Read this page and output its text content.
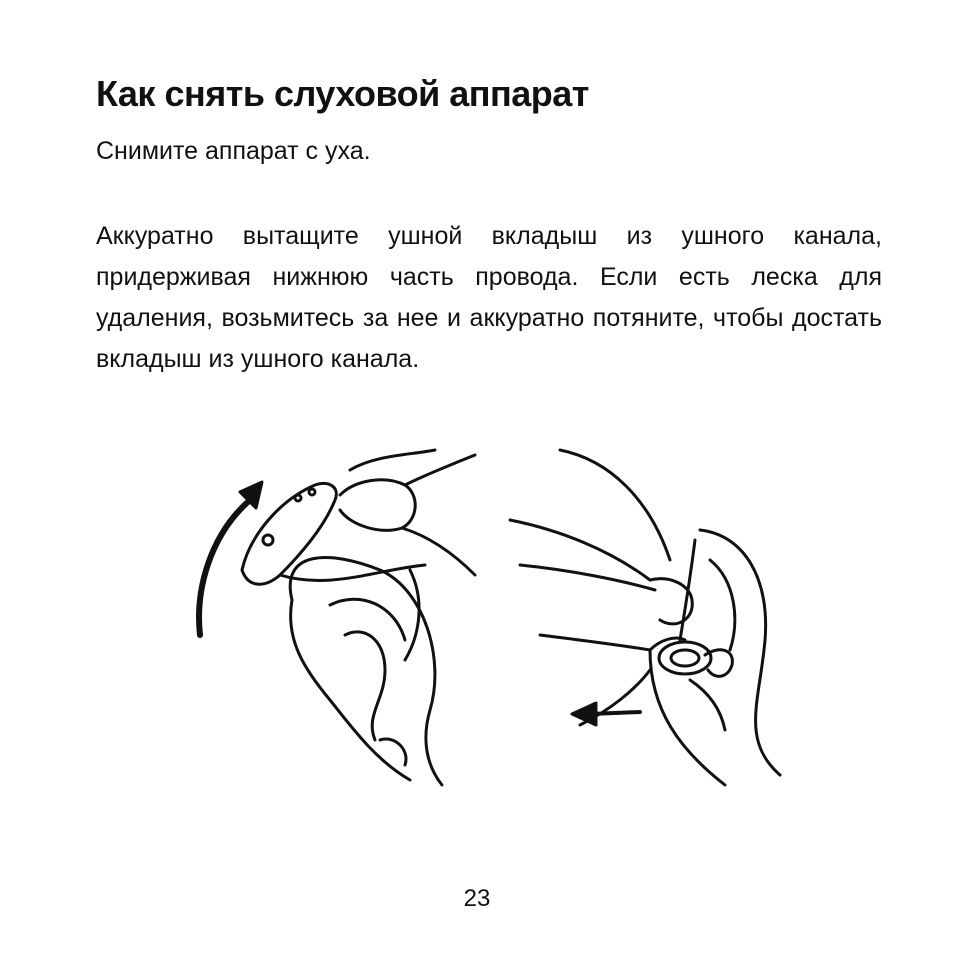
Как снять слуховой аппарат

Снимите аппарат с уха.

Аккуратно вытащите ушной вкладыш из ушного канала, придерживая нижнюю часть провода. Если есть леска для удаления, возьмитесь за нее и аккуратно потяните, чтобы достать вкладыш из ушного канала.

23
